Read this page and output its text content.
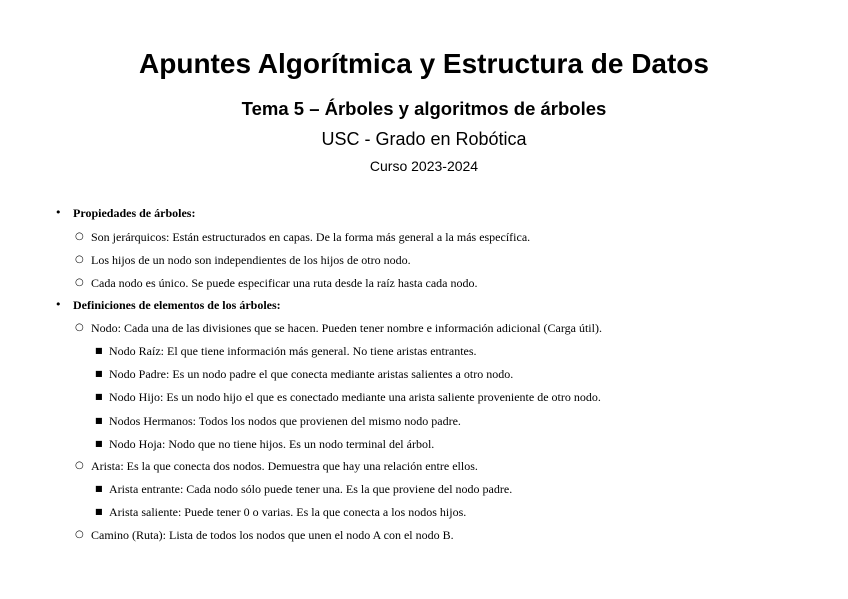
Apuntes Algorítmica y Estructura de Datos
Tema 5 – Árboles y algoritmos de árboles
USC - Grado en Robótica
Curso 2023-2024
• Propiedades de árboles:
○ Son jerárquicos: Están estructurados en capas. De la forma más general a la más específica.
○ Los hijos de un nodo son independientes de los hijos de otro nodo.
○ Cada nodo es único. Se puede especificar una ruta desde la raíz hasta cada nodo.
• Definiciones de elementos de los árboles:
○ Nodo: Cada una de las divisiones que se hacen. Pueden tener nombre e información adicional (Carga útil).
■ Nodo Raíz: El que tiene información más general. No tiene aristas entrantes.
■ Nodo Padre: Es un nodo padre el que conecta mediante aristas salientes a otro nodo.
■ Nodo Hijo: Es un nodo hijo el que es conectado mediante una arista saliente proveniente de otro nodo.
■ Nodos Hermanos: Todos los nodos que provienen del mismo nodo padre.
■ Nodo Hoja: Nodo que no tiene hijos. Es un nodo terminal del árbol.
○ Arista: Es la que conecta dos nodos. Demuestra que hay una relación entre ellos.
■ Arista entrante: Cada nodo sólo puede tener una. Es la que proviene del nodo padre.
■ Arista saliente: Puede tener 0 o varias. Es la que conecta a los nodos hijos.
○ Camino (Ruta): Lista de todos los nodos que unen el nodo A con el nodo B.
